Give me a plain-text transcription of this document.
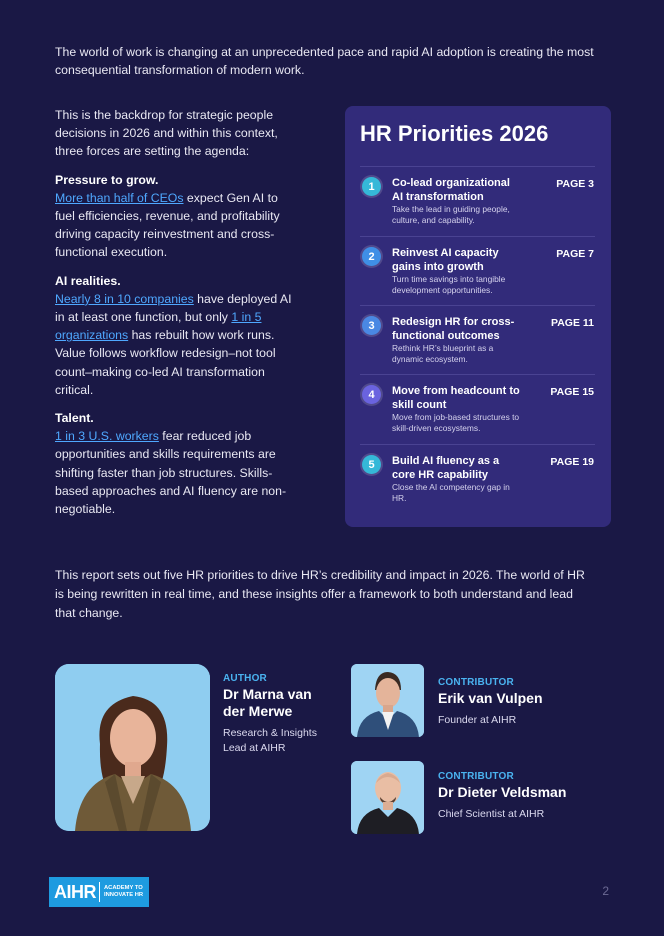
The world of work is changing at an unprecedented pace and rapid AI adoption is creating the most consequential transformation of modern work.

This is the backdrop for strategic people decisions in 2026 and within this context, three forces are setting the agenda:

Pressure to grow.
More than half of CEOs expect Gen AI to fuel efficiencies, revenue, and profitability driving capacity reinvestment and cross-functional execution.

AI realities.
Nearly 8 in 10 companies have deployed AI in at least one function, but only 1 in 5 organizations has rebuilt how work runs. Value follows workflow redesign–not tool count–making co-led AI transformation critical.

Talent.
1 in 3 U.S. workers fear reduced job opportunities and skills requirements are shifting faster than job structures. Skills-based approaches and AI fluency are non-negotiable.

HR Priorities 2026
1	Co-lead organizational AI transformation
Take the lead in guiding people, culture, and capability.
PAGE 3
2	Reinvest AI capacity gains into growth
Turn time savings into tangible development opportunities.
PAGE 7
3	Redesign HR for cross-functional outcomes
Rethink HR’s blueprint as a dynamic ecosystem.
PAGE 11
4	Move from headcount to skill count
Move from job-based structures to skill-driven ecosystems.
PAGE 15
5	Build AI fluency as a core HR capability
Close the AI competency gap in HR.
PAGE 19

This report sets out five HR priorities to drive HR’s credibility and impact in 2026. The world of HR is being rewritten in real time, and these insights offer a framework to both understand and lead that change.

AUTHOR
Dr Marna van der Merwe
Research & Insights Lead at AIHR
CONTRIBUTOR
Erik van Vulpen
Founder at AIHR
CONTRIBUTOR
Dr Dieter Veldsman
Chief Scientist at AIHR
AIHR ACADEMY TO INNOVATE HR	2
